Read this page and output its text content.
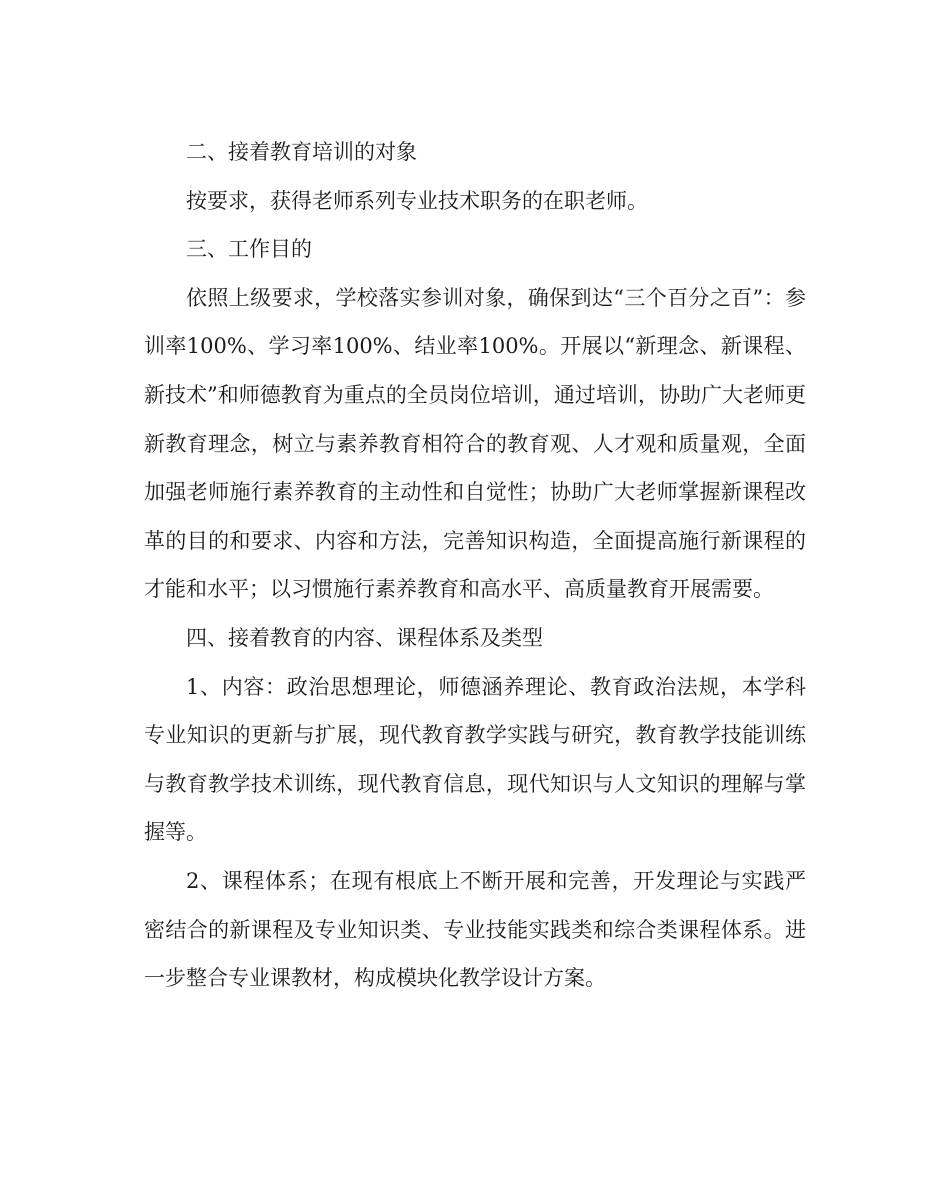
二、接着教育培训的对象

按要求，获得老师系列专业技术职务的在职老师。

三、工作目的

依照上级要求，学校落实参训对象，确保到达“三个百分之百”：参训率100%、学习率100%、结业率100%。开展以“新理念、新课程、新技术”和师德教育为重点的全员岗位培训，通过培训，协助广大老师更新教育理念，树立与素养教育相符合的教育观、人才观和质量观，全面加强老师施行素养教育的主动性和自觉性；协助广大老师掌握新课程改革的目的和要求、内容和方法，完善知识构造，全面提高施行新课程的才能和水平；以习惯施行素养教育和高水平、高质量教育开展需要。

四、接着教育的内容、课程体系及类型

1、内容：政治思想理论，师德涵养理论、教育政治法规，本学科专业知识的更新与扩展，现代教育教学实践与研究，教育教学技能训练与教育教学技术训练，现代教育信息，现代知识与人文知识的理解与掌握等。

2、课程体系；在现有根底上不断开展和完善，开发理论与实践严密结合的新课程及专业知识类、专业技能实践类和综合类课程体系。进一步整合专业课教材，构成模块化教学设计方案。
